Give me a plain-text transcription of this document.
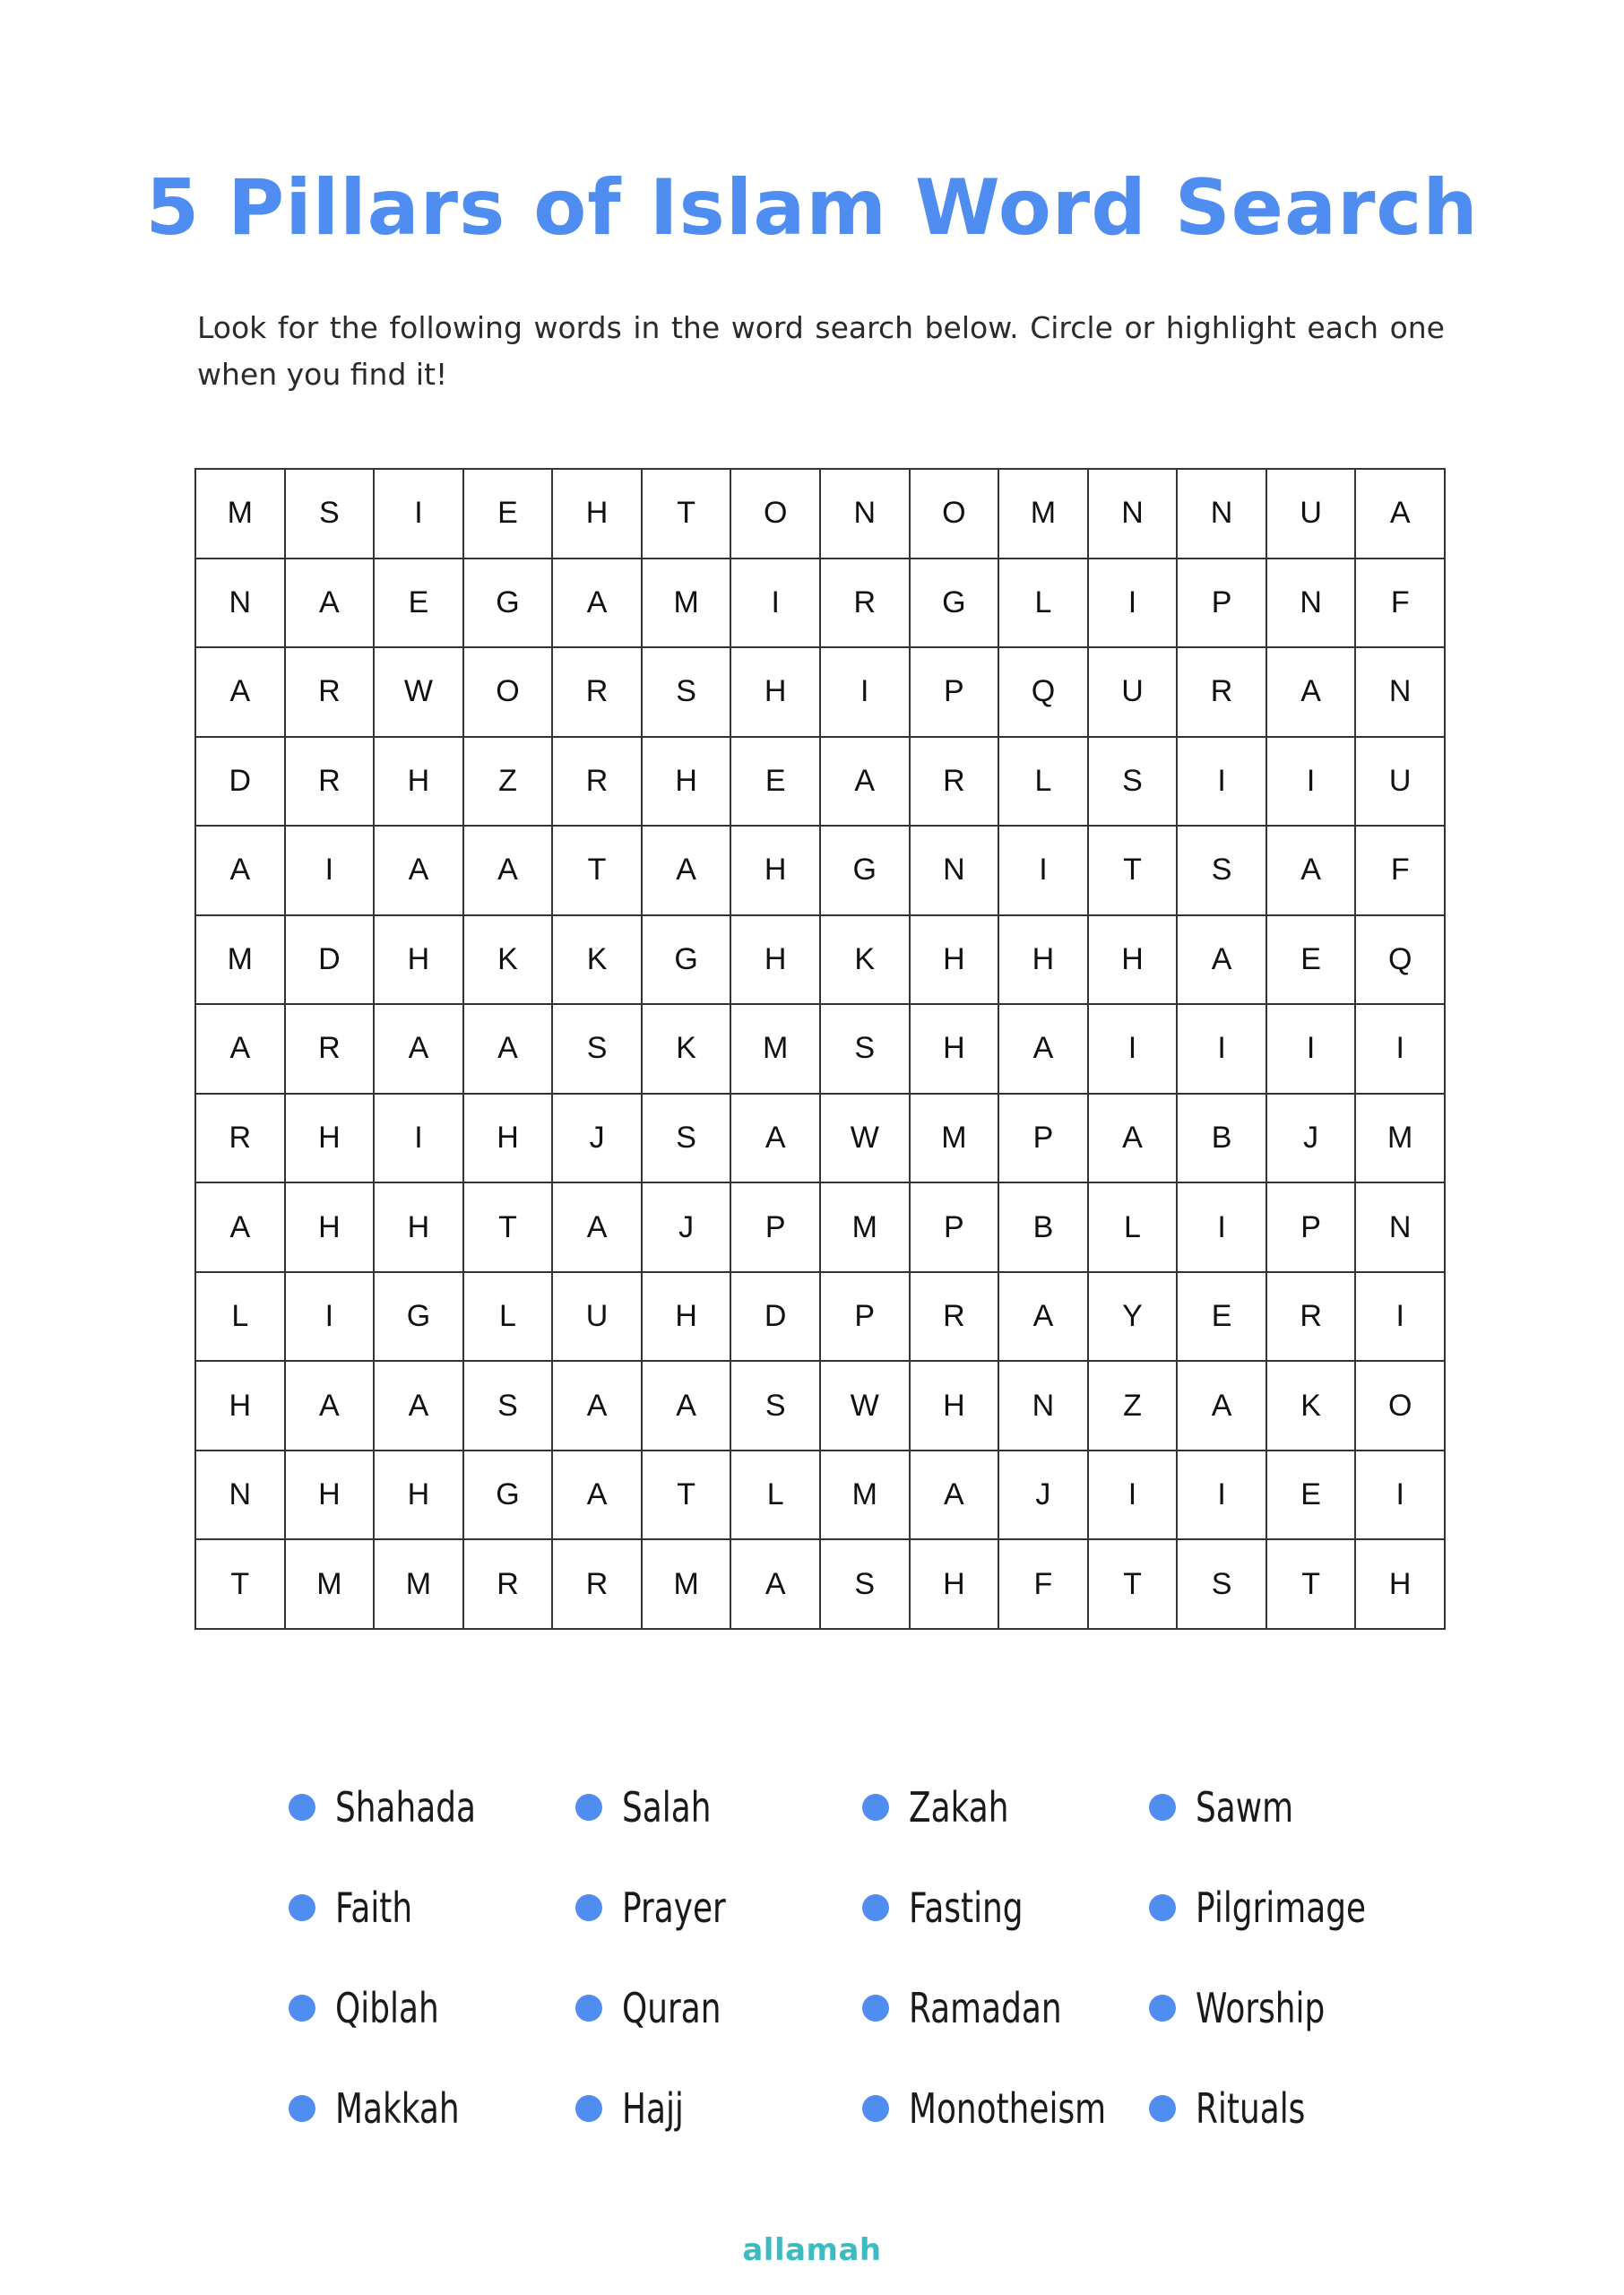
5 Pillars of Islam Word Search
Look for the following words in the word search below. Circle or highlight each one when you find it!
M	S	I	E	H	T	O	N	O	M	N	N	U	A
N	A	E	G	A	M	I	R	G	L	I	P	N	F
A	R	W	O	R	S	H	I	P	Q	U	R	A	N
D	R	H	Z	R	H	E	A	R	L	S	I	I	U
A	I	A	A	T	A	H	G	N	I	T	S	A	F
M	D	H	K	K	G	H	K	H	H	H	A	E	Q
A	R	A	A	S	K	M	S	H	A	I	I	I	I
R	H	I	H	J	S	A	W	M	P	A	B	J	M
A	H	H	T	A	J	P	M	P	B	L	I	P	N
L	I	G	L	U	H	D	P	R	A	Y	E	R	I
H	A	A	S	A	A	S	W	H	N	Z	A	K	O
N	H	H	G	A	T	L	M	A	J	I	I	E	I
T	M	M	R	R	M	A	S	H	F	T	S	T	H
Shahada	Salah	Zakah	Sawm
Faith	Prayer	Fasting	Pilgrimage
Qiblah	Quran	Ramadan	Worship
Makkah	Hajj	Monotheism Rituals
allamah
